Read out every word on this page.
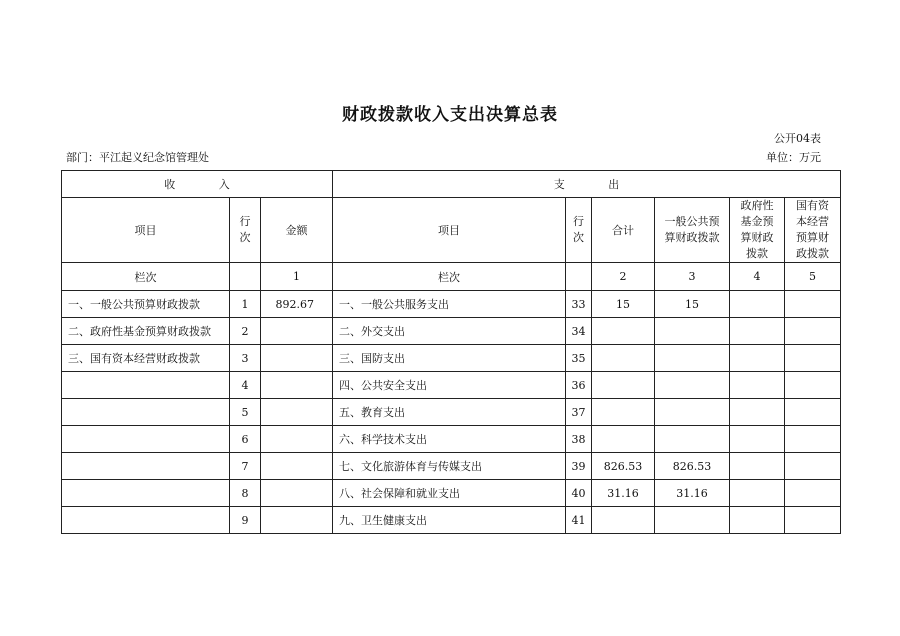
财政拨款收入支出决算总表
公开04表
部门：平江起义纪念馆管理处	单位：万元
收 入			支 出					
项目	行次	金额	项目	行次	合计	一般公共预算财政拨款	政府性基金预算财政拨款	国有资本经营预算财政拨款
栏次		1	栏次		2	3	4	5
一、一般公共预算财政拨款	1	892.67	一、一般公共服务支出	33	15	15		
二、政府性基金预算财政拨款	2		二、外交支出	34				
三、国有资本经营财政拨款	3		三、国防支出	35				
	4		四、公共安全支出	36				
	5		五、教育支出	37				
	6		六、科学技术支出	38				
	7		七、文化旅游体育与传媒支出	39	826.53	826.53		
	8		八、社会保障和就业支出	40	31.16	31.16		
	9		九、卫生健康支出	41				
